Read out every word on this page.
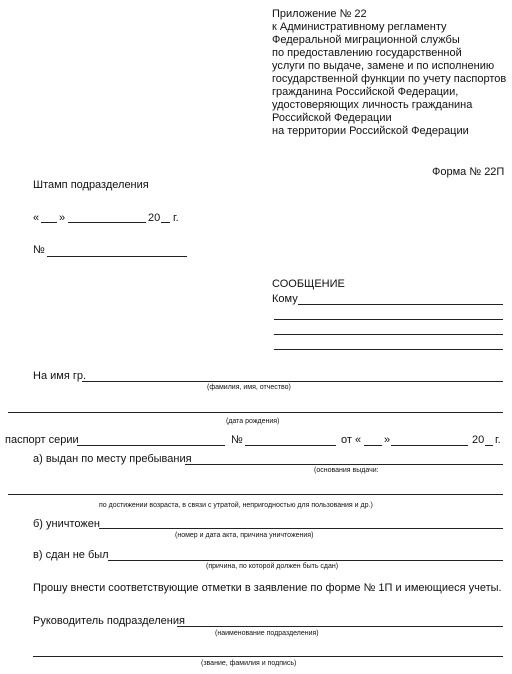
Приложение № 22
к Административному регламенту
Федеральной миграционной службы
по предоставлению государственной
услуги по выдаче, замене и по исполнению
государственной функции по учету паспортов
гражданина Российской Федерации,
удостоверяющих личность гражданина
Российской Федерации
на территории Российской Федерации
Форма № 22П
Штамп подразделения
« »	20 г.
№
СООБЩЕНИЕ
Кому
На имя гр.
(фамилия, имя, отчество)
(дата рождения)
паспорт серии	№	от « »	20 г.
а) выдан по месту пребывания
(основания выдачи:
по достижении возраста, в связи с утратой, непригодностью для пользования и др.)
б) уничтожен
(номер и дата акта, причина уничтожения)
в) сдан не был
(причина, по которой должен быть сдан)
Прошу внести соответствующие отметки в заявление по форме № 1П и имеющиеся учеты.
Руководитель подразделения
(наименование подразделения)
(звание, фамилия и подпись)
